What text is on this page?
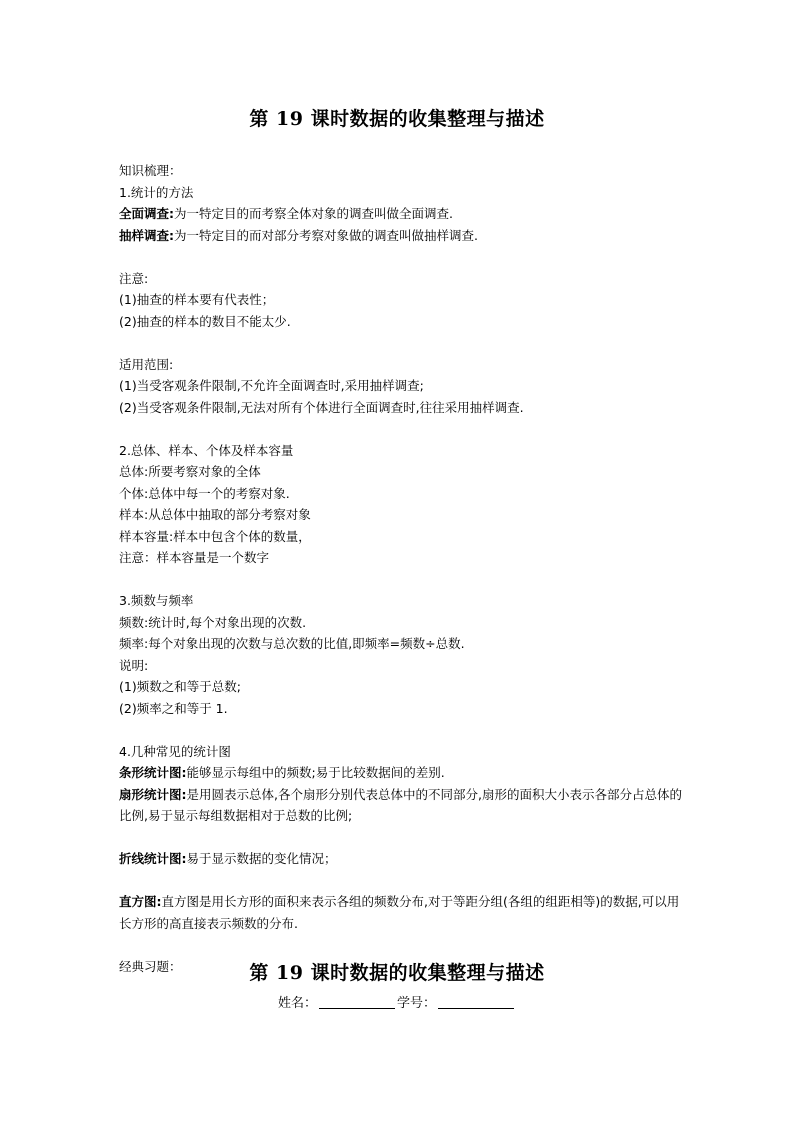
第 19 课时数据的收集整理与描述

知识梳理：

1.统计的方法

全面调查:为一特定目的而考察全体对象的调查叫做全面调查.

抽样调查:为一特定目的而对部分考察对象做的调查叫做抽样调查.

注意:

(1)抽查的样本要有代表性；

(2)抽查的样本的数目不能太少.

适用范围:

(1)当受客观条件限制,不允许全面调查时,采用抽样调查;

(2)当受客观条件限制,无法对所有个体进行全面调查时,往往采用抽样调查.

2.总体、样本、个体及样本容量

总体:所要考察对象的全体

个体:总体中每一个的考察对象.

样本:从总体中抽取的部分考察对象

样本容量:样本中包含个体的数量，

注意：样本容量是一个数字

3.频数与频率

频数:统计时,每个对象出现的次数.

频率:每个对象出现的次数与总次数的比值,即频率=频数÷总数.

说明:

(1)频数之和等于总数;

(2)频率之和等于 1.

4.几种常见的统计图

条形统计图:能够显示每组中的频数;易于比较数据间的差别.

扇形统计图:是用圆表示总体,各个扇形分别代表总体中的不同部分,扇形的面积大小表示各部分占总体的比例,易于显示每组数据相对于总数的比例;

折线统计图:易于显示数据的变化情况；

直方图:直方图是用长方形的面积来表示各组的频数分布,对于等距分组(各组的组距相等)的数据,可以用长方形的高直接表示频数的分布.

经典习题：	第 19 课时数据的收集整理与描述
姓名：	学号：
